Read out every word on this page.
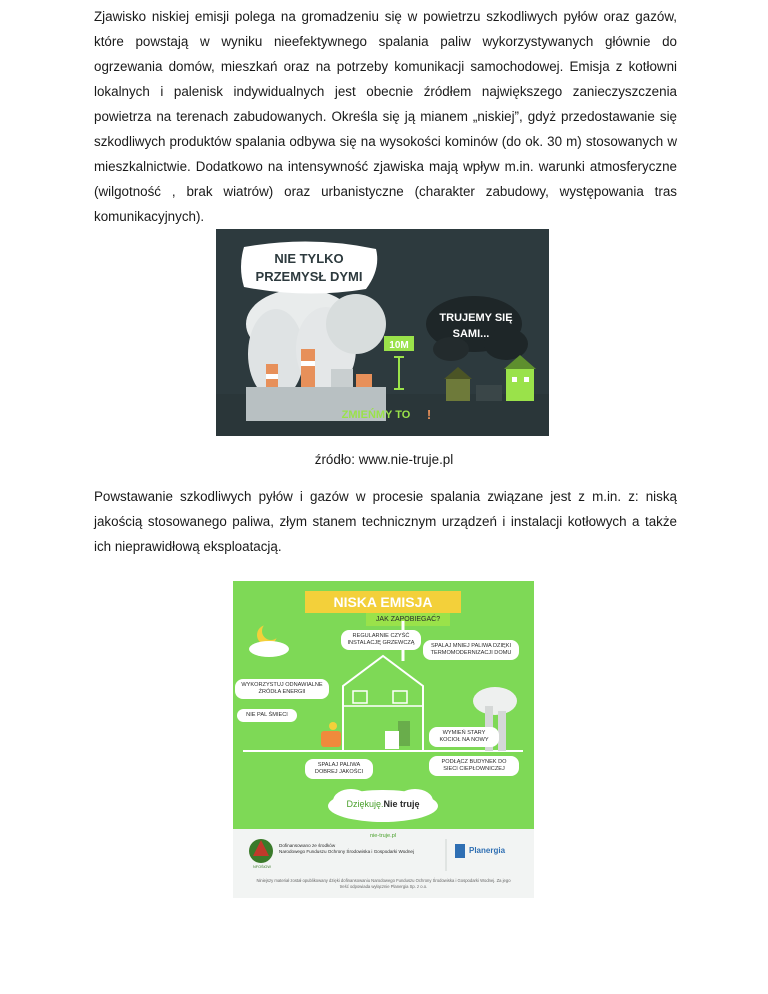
Zjawisko niskiej emisji polega na gromadzeniu się w powietrzu szkodliwych pyłów oraz gazów, które powstają w wyniku nieefektywnego spalania paliw wykorzystywanych głównie do ogrzewania domów, mieszkań oraz na potrzeby komunikacji samochodowej. Emisja z kotłowni lokalnych i palenisk indywidualnych jest obecnie źródłem największego zanieczyszczenia powietrza na terenach zabudowanych. Określa się ją mianem „niskiej”, gdyż przedostawanie się szkodliwych produktów spalania odbywa się na wysokości kominów (do ok. 30 m) stosowanych w mieszkalnictwie. Dodatkowo na intensywność zjawiska mają wpływ m.in. warunki atmosferyczne (wilgotność , brak wiatrów) oraz urbanistyczne (charakter zabudowy, występowania tras komunikacyjnych).

NIE TYLKO
PRZEMYSŁ DYMI
TRUJEMY SIĘ
SAMI...
10M
ZMIEŃMY TO !
źródło: www.nie-truje.pl

Powstawanie szkodliwych pyłów i gazów w procesie spalania związane jest z m.in. z: niską jakością stosowanego paliwa, złym stanem technicznym urządzeń i instalacji kotłowych a także ich nieprawidłową eksploatacją.

NISKA EMISJA
JAK ZAPOBIEGAĆ?
REGULARNIE CZYŚĆ INSTALACJĘ GRZEWCZĄ	SPALAJ MNIEJ PALIWA DZIĘKI TERMOMODERNIZACJI DOMU
WYKORZYSTUJ ODNAWIALNE ŹRÓDŁA ENERGII
NIE PAL ŚMIECI
WYMIEŃ STARY KOCIOŁ NA NOWY
SPALAJ PALIWA DOBREJ JAKOŚCI
PODŁĄCZ BUDYNEK DO SIECI CIEPŁOWNICZEJ
Dziękuję.Nie truję
nie-truje.pl
NFOŚiGW
Dofinansowano ze środków
Narodowego Funduszu Ochrony Środowiska i Gospodarki Wodnej	Planergia
Niniejszy materiał został opublikowany dzięki dofinansowaniu Narodowego Funduszu Ochrony Środowiska i Gospodarki Wodnej. Za jego treść odpowiada wyłącznie Planergia Sp. z o.o.
